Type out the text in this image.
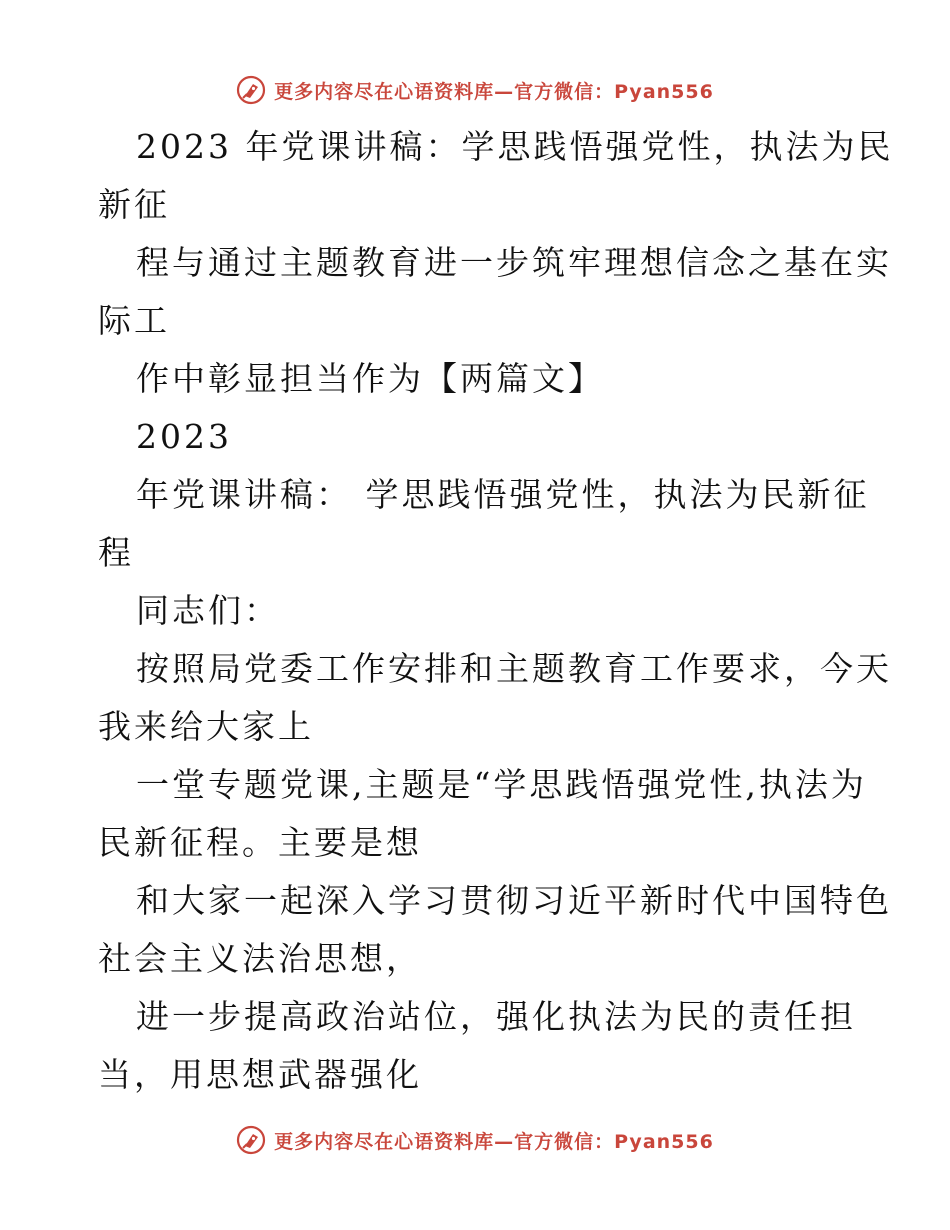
更多内容尽在心语资料库—官方微信：Pyan556
2023 年党课讲稿：学思践悟强党性，执法为民
新征
程与通过主题教育进一步筑牢理想信念之基在实
际工
作中彰显担当作为【两篇文】
2023
年党课讲稿： 学思践悟强党性，执法为民新征
程
同志们：
按照局党委工作安排和主题教育工作要求，今天
我来给大家上
一堂专题党课,主题是“学思践悟强党性,执法为
民新征程。主要是想
和大家一起深入学习贯彻习近平新时代中国特色
社会主义法治思想，
进一步提高政治站位，强化执法为民的责任担
当，用思想武器强化
更多内容尽在心语资料库—官方微信：Pyan556
